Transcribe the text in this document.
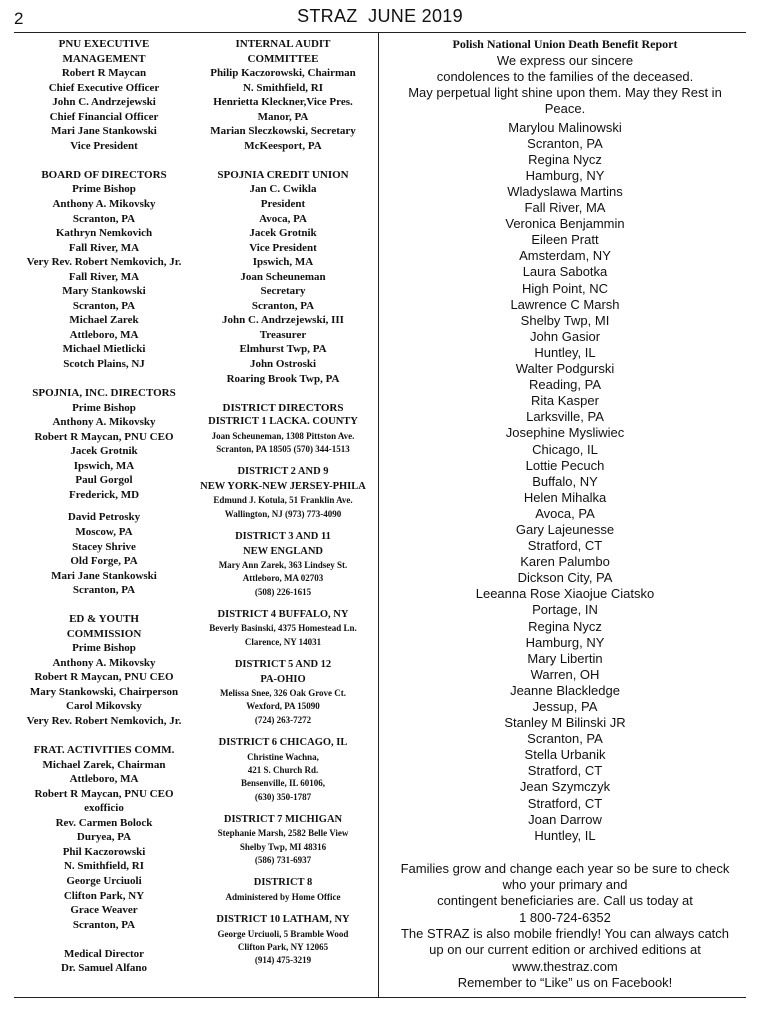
2	STRAZ  JUNE 2019
PNU EXECUTIVE
MANAGEMENT
Robert R Maycan
Chief Executive Officer
John C. Andrzejewski
Chief Financial Officer
Mari Jane Stankowski
Vice President
BOARD OF DIRECTORS
Prime Bishop
Anthony A. Mikovsky
Scranton, PA
Kathryn Nemkovich
Fall River, MA
Very Rev. Robert Nemkovich, Jr.
Fall River, MA
Mary Stankowski
Scranton, PA
Michael Zarek
Attleboro, MA
Michael Mietlicki
Scotch Plains, NJ
SPOJNIA, INC. DIRECTORS
Prime Bishop
Anthony A. Mikovsky
Robert R Maycan, PNU CEO
Jacek Grotnik
Ipswich, MA
Paul Gorgol
Frederick, MD
David Petrosky
Moscow, PA
Stacey Shrive
Old Forge, PA
Mari Jane Stankowski
Scranton, PA
ED & YOUTH
COMMISSION
Prime Bishop
Anthony A. Mikovsky
Robert R Maycan, PNU CEO
Mary Stankowski, Chairperson
Carol Mikovsky
Very Rev. Robert Nemkovich, Jr.
FRAT. ACTIVITIES COMM.
Michael Zarek, Chairman
Attleboro, MA
Robert R Maycan, PNU CEO
exofficio
Rev. Carmen Bolock
Duryea, PA
Phil Kaczorowski
N. Smithfield, RI
George Urciuoli
Clifton Park, NY
Grace Weaver
Scranton, PA
Medical Director
Dr. Samuel Alfano
INTERNAL AUDIT
COMMITTEE
Philip Kaczorowski, Chairman
N. Smithfield, RI
Henrietta Kleckner,Vice Pres.
Manor, PA
Marian Sleczkowski, Secretary
McKeesport, PA
SPOJNIA CREDIT UNION
Jan C. Cwikla
President
Avoca, PA
Jacek Grotnik
Vice President
Ipswich, MA
Joan Scheuneman
Secretary
Scranton, PA
John C. Andrzejewski, III
Treasurer
Elmhurst Twp, PA
John Ostroski
Roaring Brook Twp, PA
DISTRICT DIRECTORS
DISTRICT 1 LACKA. COUNTY
Joan Scheuneman, 1308 Pittston Ave.
Scranton, PA 18505 (570) 344-1513
DISTRICT 2 AND 9
NEW YORK-NEW JERSEY-PHILA
Edmund J. Kotula, 51 Franklin Ave.
Wallington, NJ (973) 773-4090
DISTRICT 3 AND 11
NEW ENGLAND
Mary Ann Zarek, 363 Lindsey St.
Attleboro, MA 02703
(508) 226-1615
DISTRICT 4 BUFFALO, NY
Beverly Basinski, 4375 Homestead Ln.
Clarence, NY 14031
DISTRICT 5 AND 12
PA-OHIO
Melissa Snee, 326 Oak Grove Ct.
Wexford, PA 15090
(724) 263-7272
DISTRICT 6 CHICAGO, IL
Christine Wachna,
421 S. Church Rd.
Bensenville, IL 60106,
(630) 350-1787
DISTRICT 7 MICHIGAN
Stephanie Marsh, 2582 Belle View
Shelby Twp, MI 48316
(586) 731-6937
DISTRICT 8
Administered by Home Office
DISTRICT 10 LATHAM, NY
George Urciuoli, 5 Bramble Wood
Clifton Park, NY 12065
(914) 475-3219
Polish National Union Death Benefit Report
We express our sincere
condolences to the families of the deceased.
May perpetual light shine upon them. May they Rest in
Peace.
Marylou Malinowski
Scranton, PA
Regina Nycz
Hamburg, NY
Wladyslawa Martins
Fall River, MA
Veronica Benjammin
Eileen Pratt
Amsterdam, NY
Laura Sabotka
High Point, NC
Lawrence C Marsh
Shelby Twp, MI
John Gasior
Huntley, IL
Walter Podgurski
Reading, PA
Rita Kasper
Larksville, PA
Josephine Mysliwiec
Chicago, IL
Lottie Pecuch
Buffalo, NY
Helen Mihalka
Avoca, PA
Gary Lajeunesse
Stratford, CT
Karen Palumbo
Dickson City, PA
Leeanna Rose Xiaojue Ciatsko
Portage, IN
Regina Nycz
Hamburg, NY
Mary Libertin
Warren, OH
Jeanne Blackledge
Jessup, PA
Stanley M Bilinski JR
Scranton, PA
Stella Urbanik
Stratford, CT
Jean Szymczyk
Stratford, CT
Joan Darrow
Huntley, IL
Families grow and change each year so be sure to check
who your primary and
contingent beneficiaries are. Call us today at
1 800-724-6352
The STRAZ is also mobile friendly! You can always catch
up on our current edition or archived editions at
www.thestraz.com
Remember to “Like” us on Facebook!
